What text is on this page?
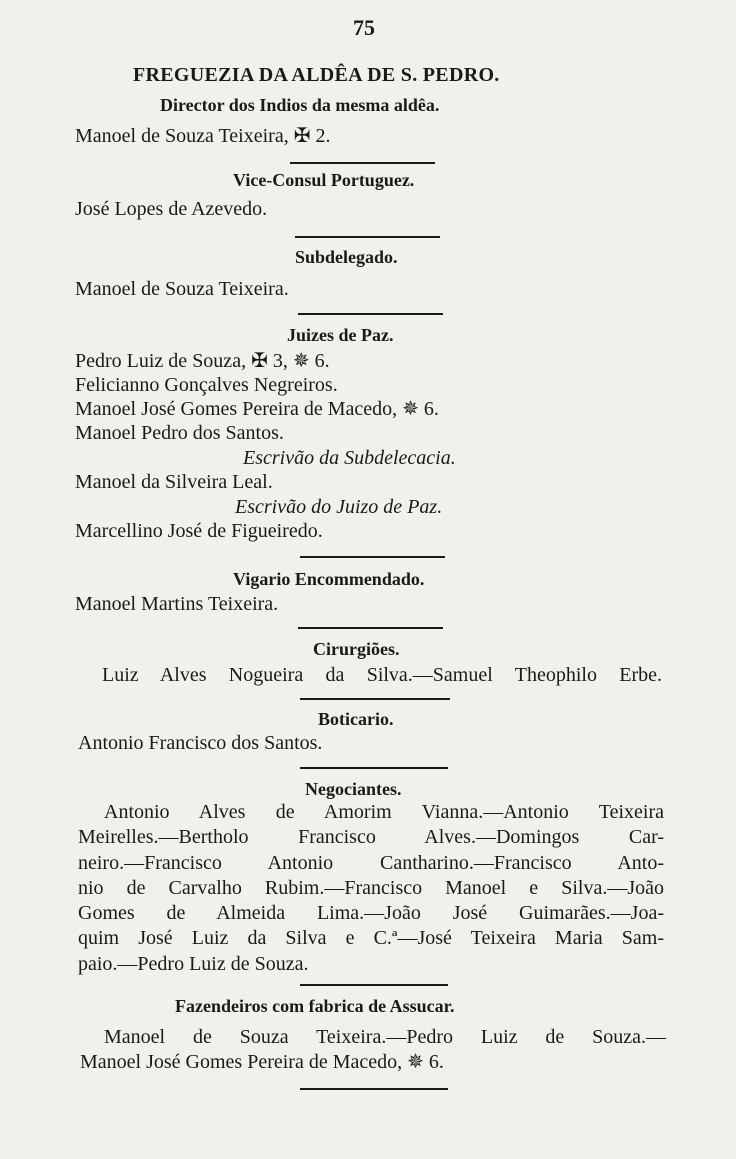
75
FREGUEZIA DA ALDÊA DE S. PEDRO.
Director dos Indios da mesma aldêa.
Manoel de Souza Teixeira, ✠ 2.
Vice-Consul Portuguez.
José Lopes de Azevedo.
Subdelegado.
Manoel de Souza Teixeira.
Juizes de Paz.
Pedro Luiz de Souza, ✠ 3, ✵ 6.
Felicianno Gonçalves Negreiros.
Manoel José Gomes Pereira de Macedo, ✵ 6.
Manoel Pedro dos Santos.
Escrivão da Subdelecacia.
Manoel da Silveira Leal.
Escrivão do Juizo de Paz.
Marcellino José de Figueiredo.
Vigario Encommendado.
Manoel Martins Teixeira.
Cirurgiões.
Luiz Alves Nogueira da Silva.—Samuel Theophilo Erbe.
Boticario.
Antonio Francisco dos Santos.
Negociantes.
Antonio Alves de Amorim Vianna.—Antonio Teixeira
Meirelles.—Bertholo Francisco Alves.—Domingos Car-
neiro.—Francisco Antonio Cantharino.—Francisco Anto-
nio de Carvalho Rubim.—Francisco Manoel e Silva.—João
Gomes de Almeida Lima.—João José Guimarães.—Joa-
quim José Luiz da Silva e C.ª—José Teixeira Maria Sam-
paio.—Pedro Luiz de Souza.
Fazendeiros com fabrica de Assucar.
Manoel de Souza Teixeira.—Pedro Luiz de Souza.—
Manoel José Gomes Pereira de Macedo, ✵ 6.
